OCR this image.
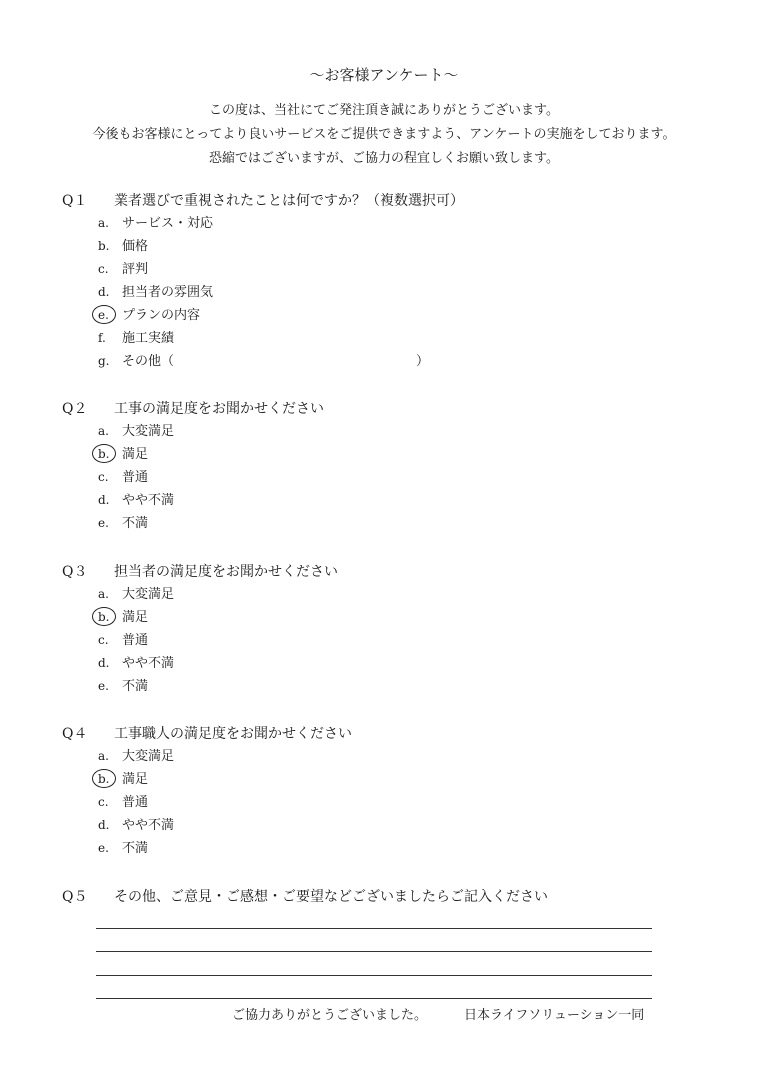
～お客様アンケート～
この度は、当社にてご発注頂き誠にありがとうございます。
今後もお客様にとってより良いサービスをご提供できますよう、アンケートの実施をしております。
恐縮ではございますが、ご協力の程宜しくお願い致します。
Q１ 業者選びで重視されたことは何ですか？（複数選択可）
a. サービス・対応
b. 価格
c. 評判
d. 担当者の雰囲気
e. プランの内容
f. 施工実績
g. その他（	）
Q２ 工事の満足度をお聞かせください
a. 大変満足
b. 満足
c. 普通
d. やや不満
e. 不満
Q３ 担当者の満足度をお聞かせください
a. 大変満足
b. 満足
c. 普通
d. やや不満
e. 不満
Q４ 工事職人の満足度をお聞かせください
a. 大変満足
b. 満足
c. 普通
d. やや不満
e. 不満
Q５ その他、ご意見・ご感想・ご要望などございましたらご記入ください
ご協力ありがとうございました。	日本ライフソリューション一同
